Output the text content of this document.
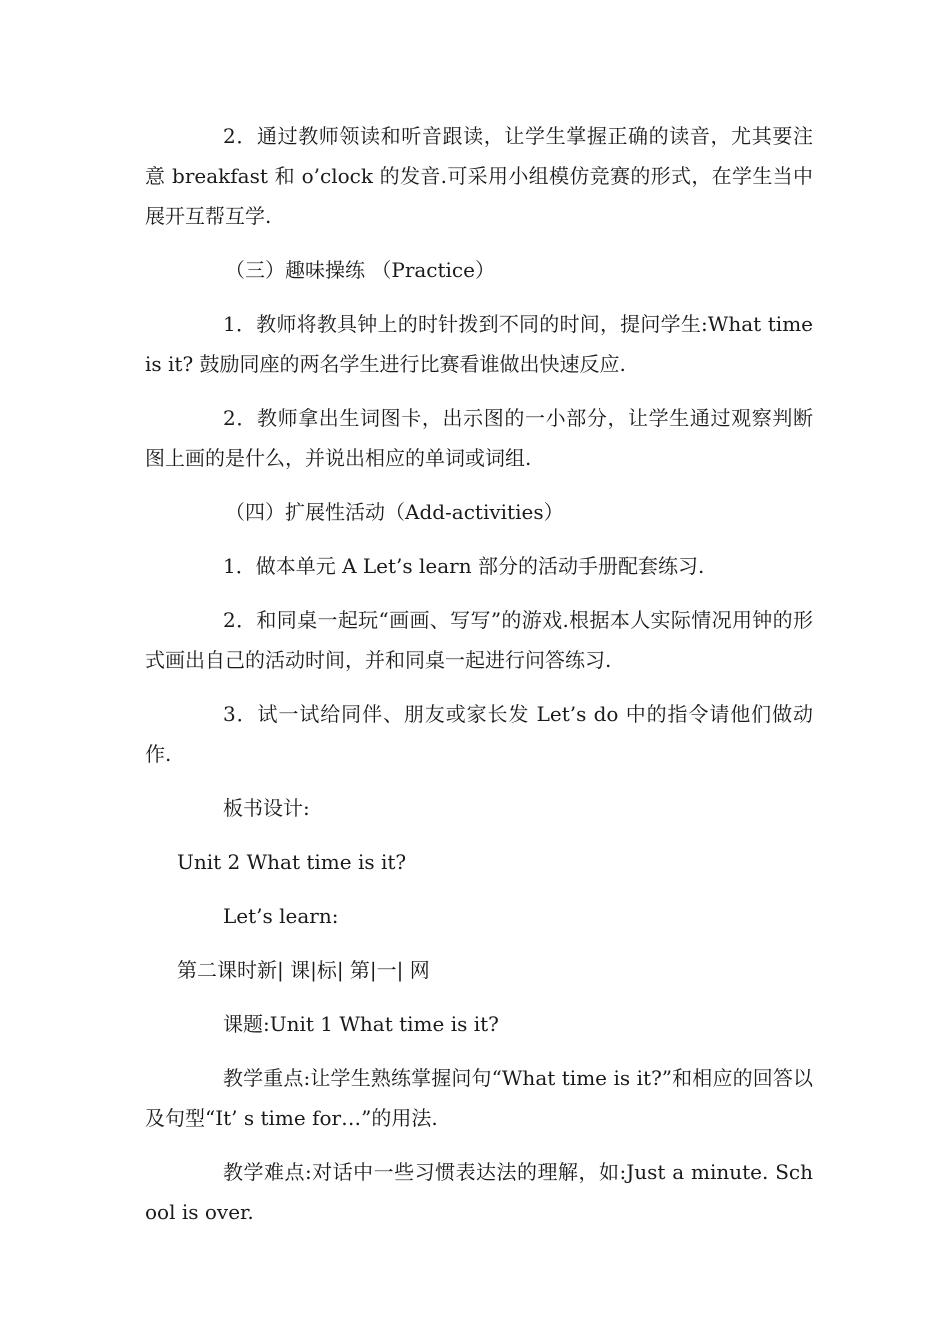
2．通过教师领读和听音跟读，让学生掌握正确的读音，尤其要注意 breakfast 和 o’clock 的发音.可采用小组模仿竞赛的形式，在学生当中展开互帮互学.

（三）趣味操练 （Practice）

1．教师将教具钟上的时针拨到不同的时间，提问学生:What time is it? 鼓励同座的两名学生进行比赛看谁做出快速反应.

2．教师拿出生词图卡，出示图的一小部分，让学生通过观察判断图上画的是什么，并说出相应的单词或词组.

（四）扩展性活动（Add-activities）

1．做本单元 A Let’s learn 部分的活动手册配套练习.

2．和同桌一起玩“画画、写写”的游戏.根据本人实际情况用钟的形式画出自己的活动时间，并和同桌一起进行问答练习.

3．试一试给同伴、朋友或家长发 Let’s do 中的指令请他们做动作.

板书设计:

Unit 2 What time is it?

Let’s learn:

第二课时新| 课|标| 第|一| 网

课题:Unit 1 What time is it?

教学重点:让学生熟练掌握问句“What time is it?”和相应的回答以及句型“It’ s time for…”的用法.

教学难点:对话中一些习惯表达法的理解，如:Just a minute. School is over.
